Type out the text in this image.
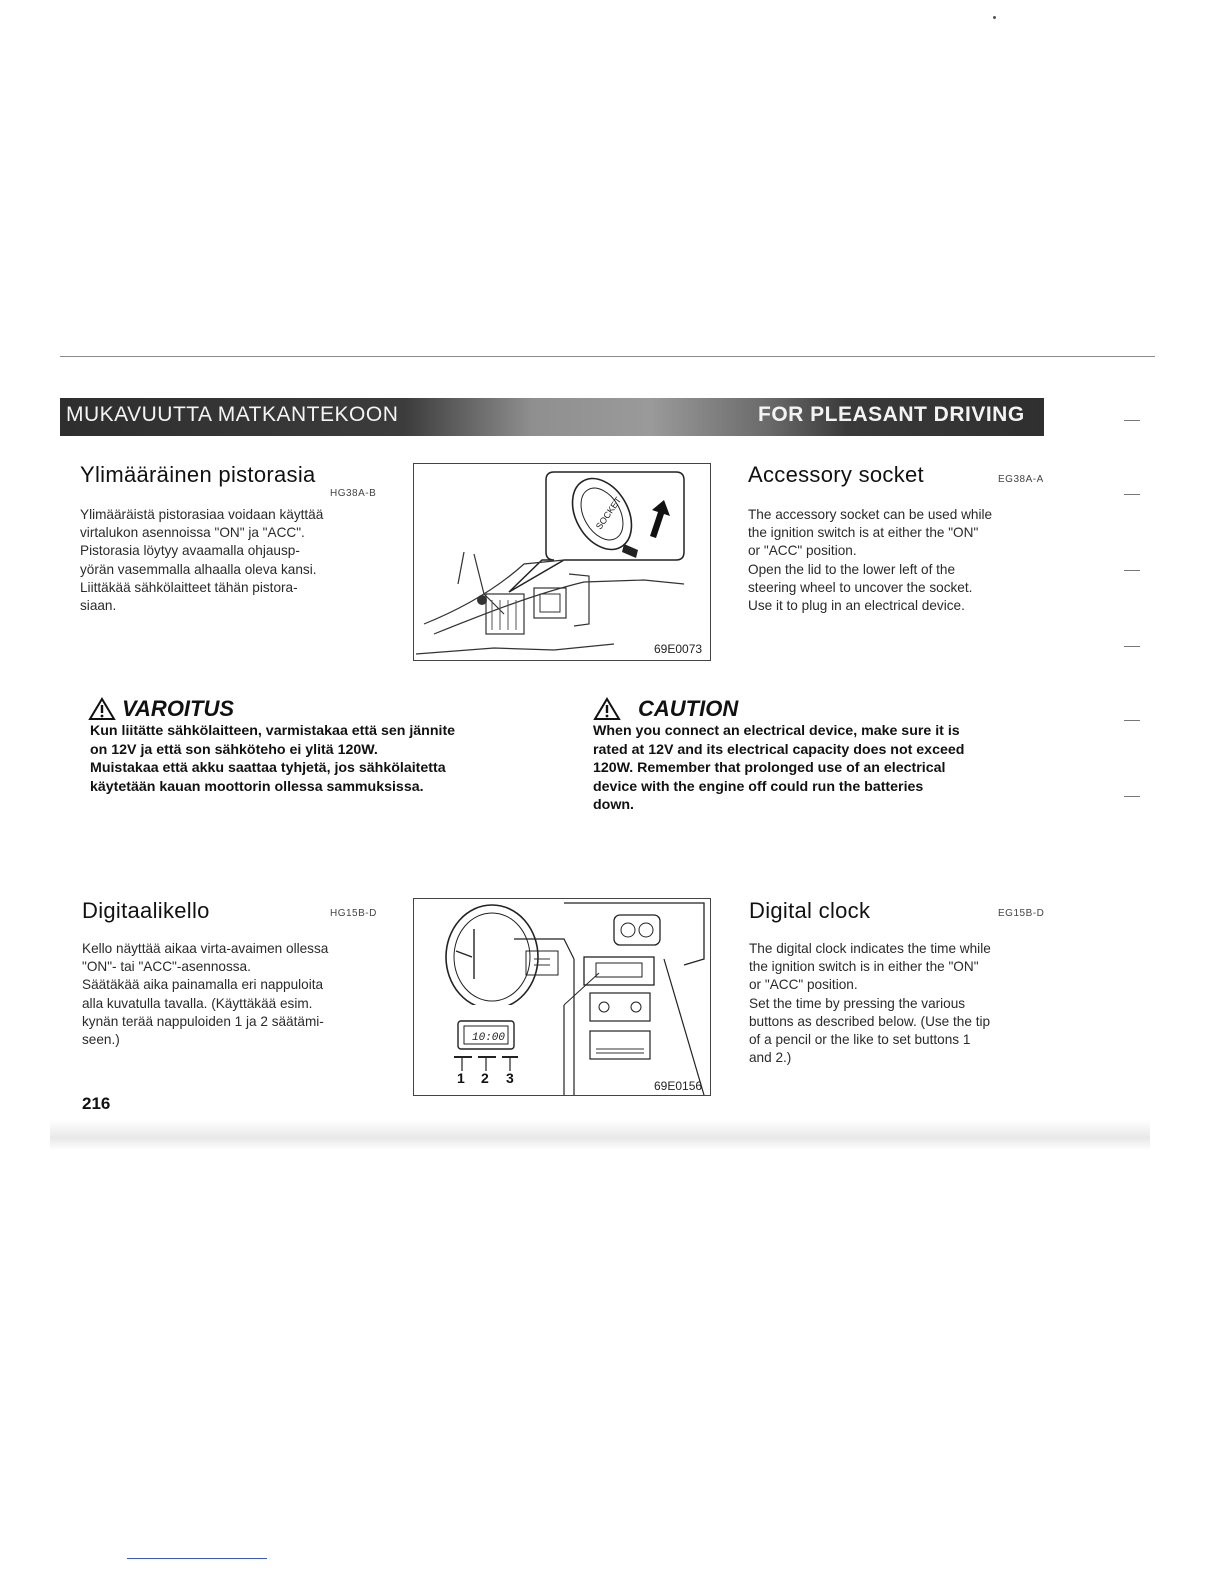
MUKAVUUTTA MATKANTEKOON	FOR PLEASANT DRIVING
Ylimääräinen pistorasia
HG38A-B
Ylimääräistä pistorasiaa voidaan käyttää
virtalukon asennoissa "ON" ja "ACC".
Pistorasia löytyy avaamalla ohjausp-
yörän vasemmalla alhaalla oleva kansi.
Liittäkää sähkölaitteet tähän pistora-
siaan.
SOCKET
69E0073
Accessory socket	EG38A-A
The accessory socket can be used while
the ignition switch is at either the "ON"
or "ACC" position.
Open the lid to the lower left of the
steering wheel to uncover the socket.
Use it to plug in an electrical device.
VAROITUS
Kun liitätte sähkölaitteen, varmistakaa että sen jännite
on 12V ja että son sähköteho ei ylitä 120W.
Muistakaa että akku saattaa tyhjetä, jos sähkölaitetta
käytetään kauan moottorin ollessa sammuksissa.
CAUTION
When you connect an electrical device, make sure it is
rated at 12V and its electrical capacity does not exceed
120W. Remember that prolonged use of an electrical
device with the engine off could run the batteries
down.
Digitaalikello	HG15B-D
Kello näyttää aikaa virta-avaimen ollessa
"ON"- tai "ACC"-asennossa.
Säätäkää aika painamalla eri nappuloita
alla kuvatulla tavalla. (Käyttäkää esim.
kynän terää nappuloiden 1 ja 2 säätämi-
seen.)	10:00
1 2 3	69E0156
Digital clock	EG15B-D
The digital clock indicates the time while
the ignition switch is in either the "ON"
or "ACC" position.
Set the time by pressing the various
buttons as described below. (Use the tip
of a pencil or the like to set buttons 1
and 2.)
216
